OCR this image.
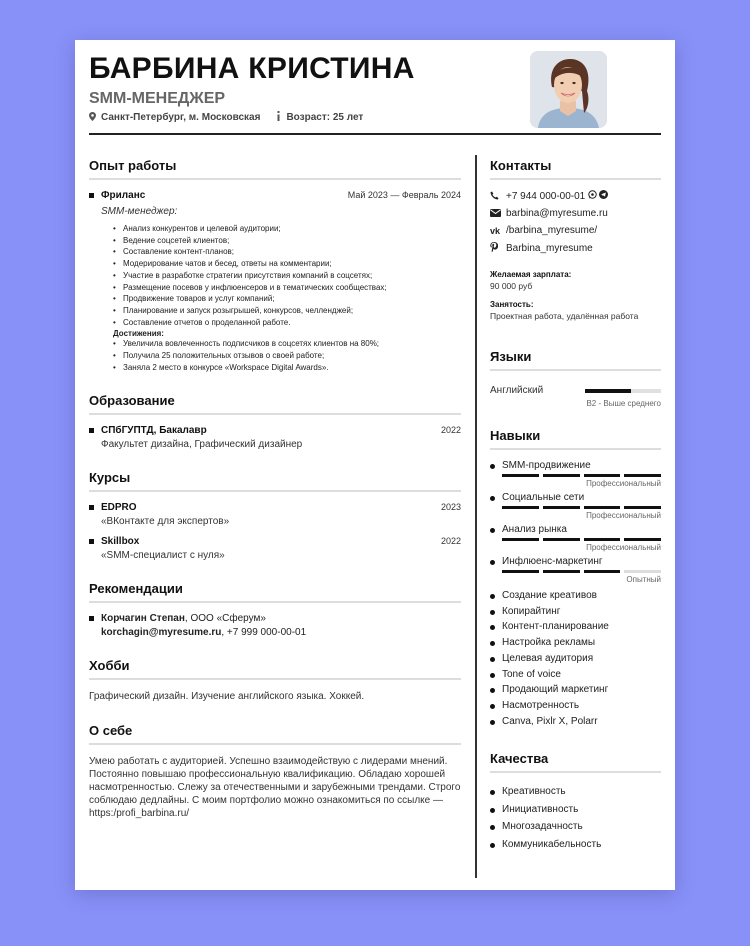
БАРБИНА КРИСТИНА
SMM-МЕНЕДЖЕР
Санкт-Петербург, м. Московская	Возраст: 25 лет
Опыт работы
Фриланс	Май 2023 — Февраль 2024
SMM-менеджер:
• Анализ конкурентов и целевой аудитории;
• Ведение соцсетей клиентов;
• Составление контент-планов;
• Модерирование чатов и бесед, ответы на комментарии;
• Участие в разработке стратегии присутствия компаний в соцсетях;
• Размещение посевов у инфлюенсеров и в тематических сообществах;
• Продвижение товаров и услуг компаний;
• Планирование и запуск розыгрышей, конкурсов, челленджей;
• Составление отчетов о проделанной работе.
Достижения:
• Увеличила вовлеченность подписчиков в соцсетях клиентов на 80%;
• Получила 25 положительных отзывов о своей работе;
• Заняла 2 место в конкурсе «Workspace Digital Awards».
Образование
СПбГУПТД, Бакалавр	2022
Факультет дизайна, Графический дизайнер
Курсы
EDPRO	2023
«ВКонтакте для экспертов»
Skillbox	2022
«SMM-специалист с нуля»
Рекомендации
Корчагин Степан, ООО «Сферум»
korchagin@myresume.ru, +7 999 000-00-01
Хобби
Графический дизайн. Изучение английского языка. Хоккей.
О себе
Умею работать с аудиторией. Успешно взаимодействую с лидерами мнений. Постоянно повышаю профессиональную квалификацию. Обладаю хорошей насмотренностью. Слежу за отечественными и зарубежными трендами. Строго соблюдаю дедлайны. С моим портфолио можно ознакомиться по ссылке — https:/profi_barbina.ru/
Контакты
+7 944 000-00-01
barbina@myresume.ru
vk /barbina_myresume/
Barbina_myresume
Желаемая зарплата:
90 000 руб
Занятость:
Проектная работа, удалённая работа
Языки
Английский
B2 - Выше среднего
Навыки
SMM-продвижение
Профессиональный
Социальные сети
Профессиональный
Анализ рынка
Профессиональный
Инфлюенс-маркетинг
Опытный
Создание креативов
Копирайтинг
Контент-планирование
Настройка рекламы
Целевая аудитория
Tone of voice
Продающий маркетинг
Насмотренность
Canva, Pixlr X, Polarr
Качества
Креативность
Инициативность
Многозадачность
Коммуникабельность
